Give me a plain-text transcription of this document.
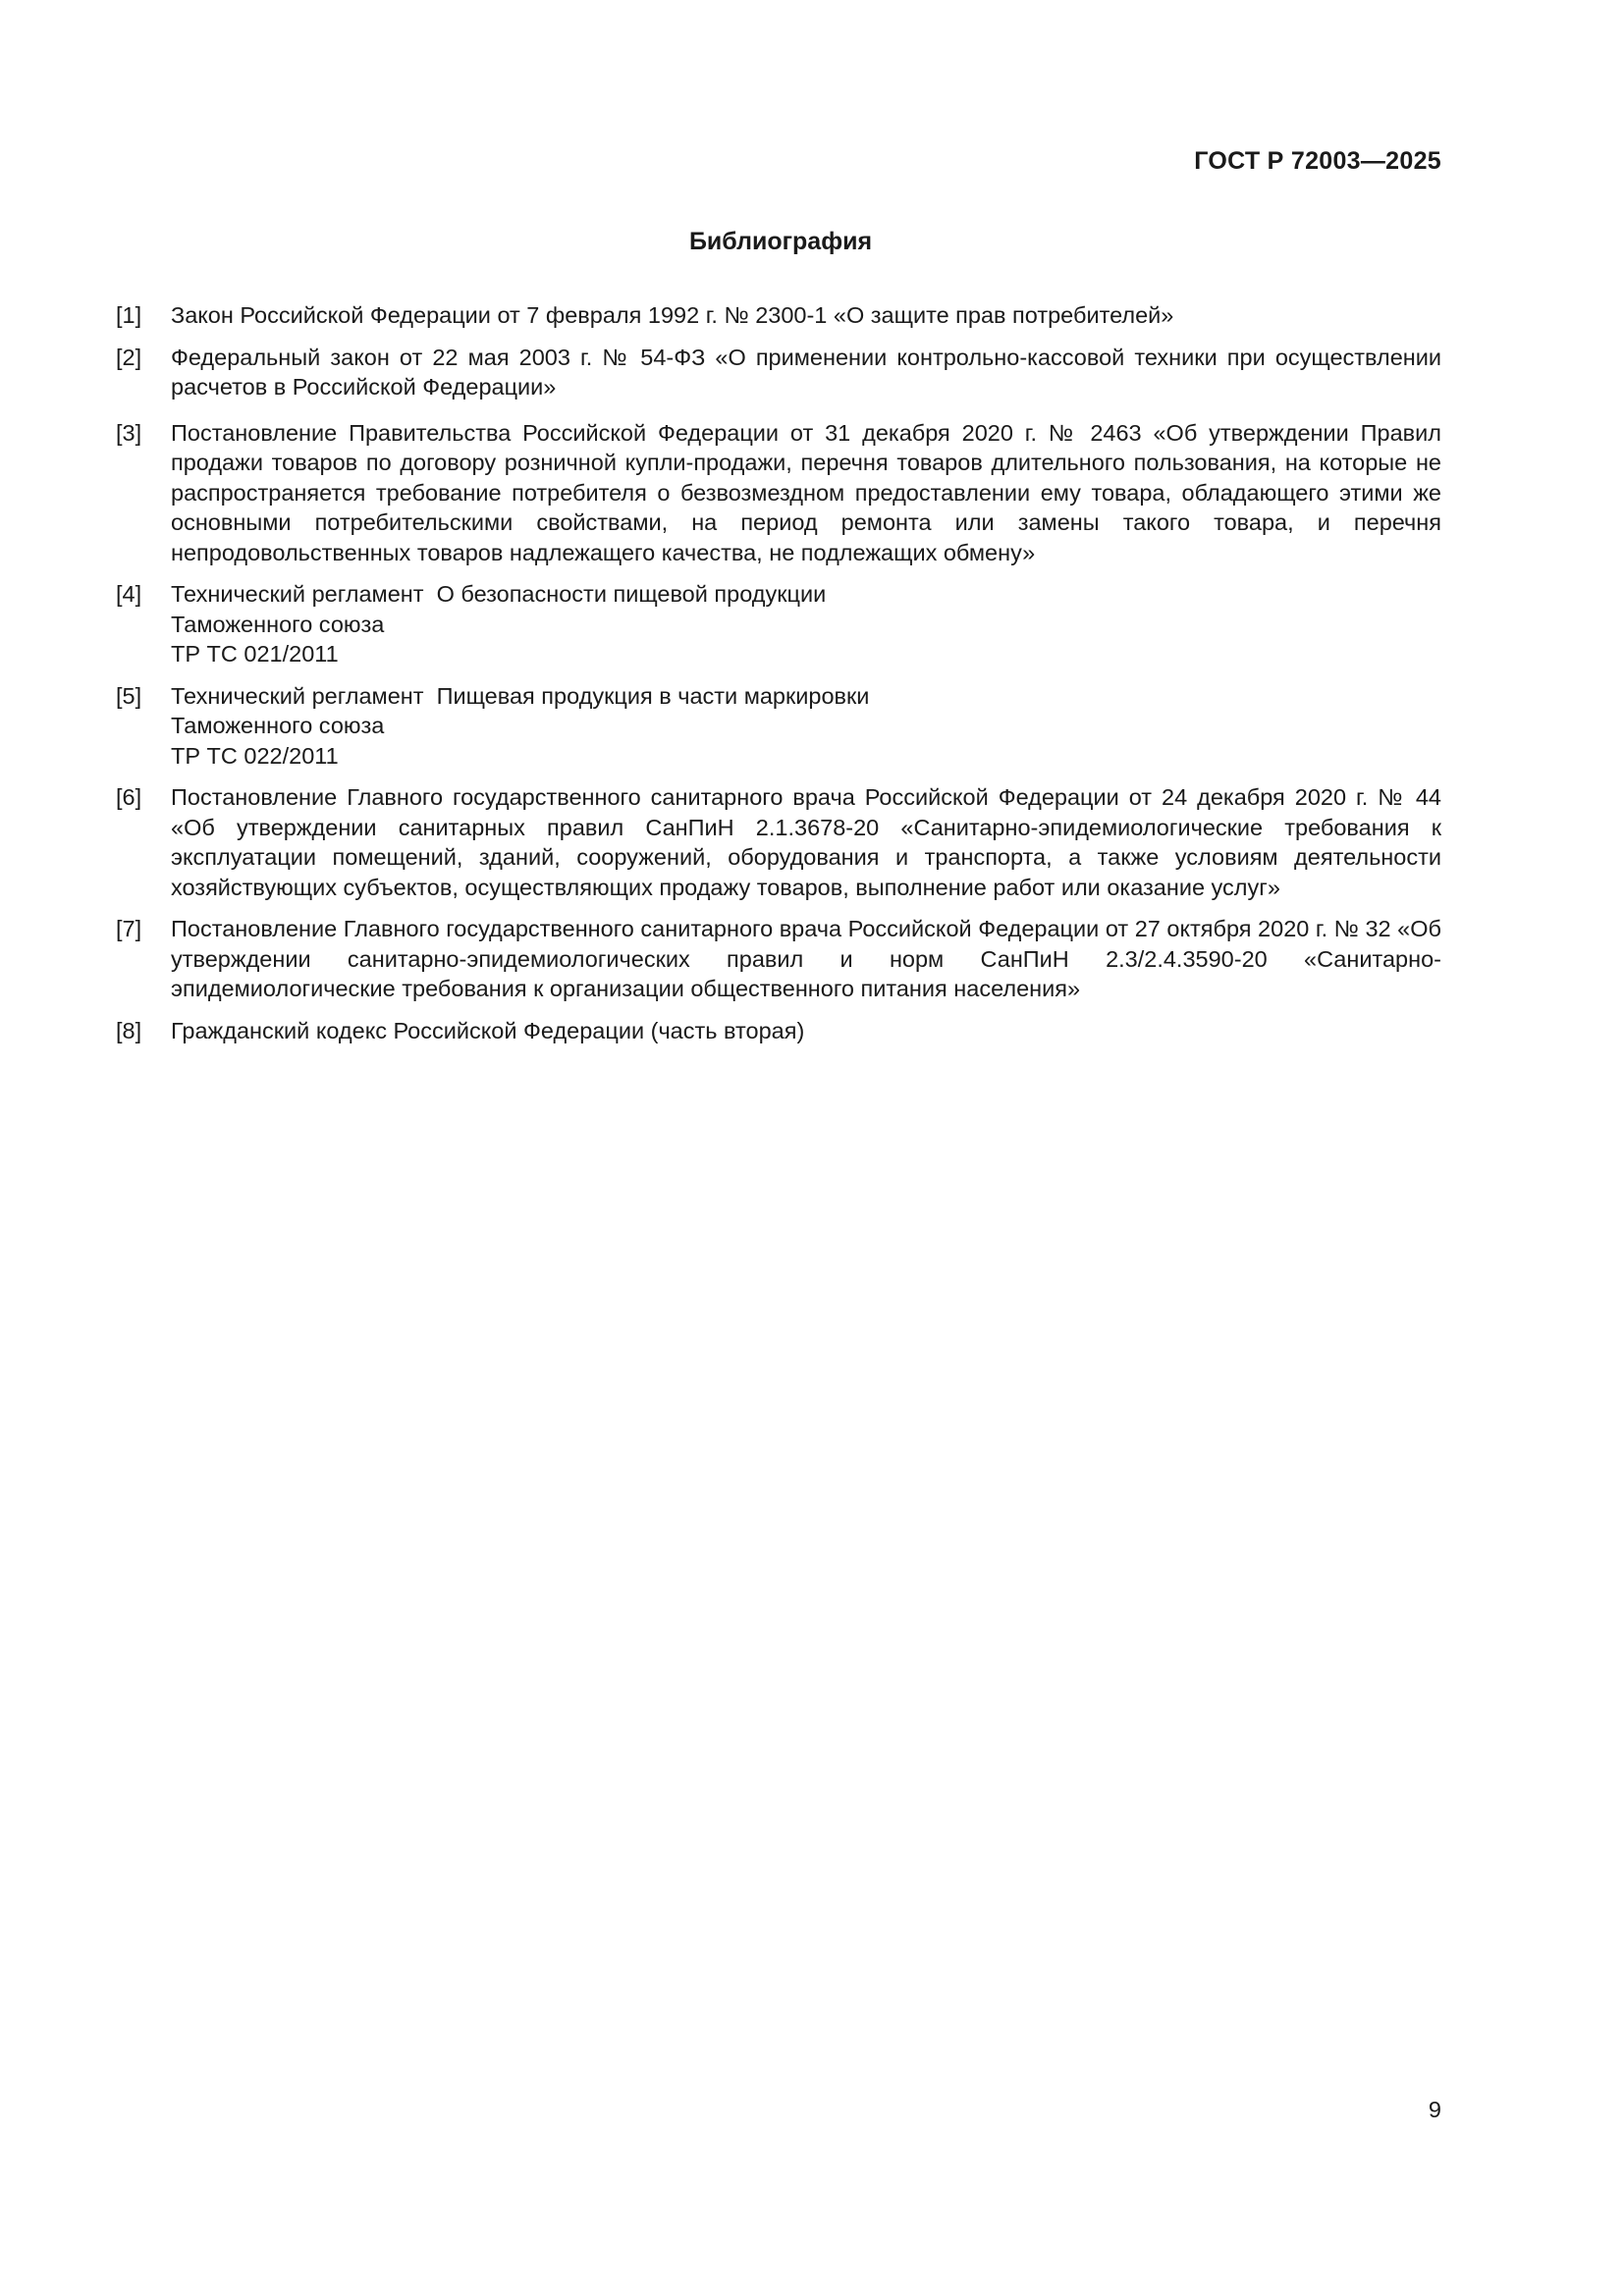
ГОСТ Р 72003—2025
Библиография
[1]	Закон Российской Федерации от 7 февраля 1992 г. № 2300-1 «О защите прав потребителей»
[2]	Федеральный закон от 22 мая 2003 г. № 54-ФЗ «О применении контрольно-кассовой техники при осуществлении расчетов в Российской Федерации»
[3]	Постановление Правительства Российской Федерации от 31 декабря 2020 г. № 2463 «Об утверждении Правил продажи товаров по договору розничной купли-продажи, перечня товаров длительного пользования, на которые не распространяется требование потребителя о безвозмездном предоставлении ему товара, обладающего этими же основными потребительскими свойствами, на период ремонта или замены такого товара, и перечня непродовольственных товаров надлежащего качества, не подлежащих обмену»
[4]	Технический регламент  О безопасности пищевой продукции
Таможенного союза
ТР ТС 021/2011
[5]	Технический регламент  Пищевая продукция в части маркировки
Таможенного союза
ТР ТС 022/2011
[6]	Постановление Главного государственного санитарного врача Российской Федерации от 24 декабря 2020 г. № 44 «Об утверждении санитарных правил СанПиН 2.1.3678-20 «Санитарно-эпидемиологические требования к эксплуатации помещений, зданий, сооружений, оборудования и транспорта, а также условиям деятельности хозяйствующих субъектов, осуществляющих продажу товаров, выполнение работ или оказание услуг»
[7]	Постановление Главного государственного санитарного врача Российской Федерации от 27 октября 2020 г. № 32 «Об утверждении санитарно-эпидемиологических правил и норм СанПиН 2.3/2.4.3590-20 «Санитарно-эпидемиологические требования к организации общественного питания населения»
[8]	Гражданский кодекс Российской Федерации (часть вторая)
9
